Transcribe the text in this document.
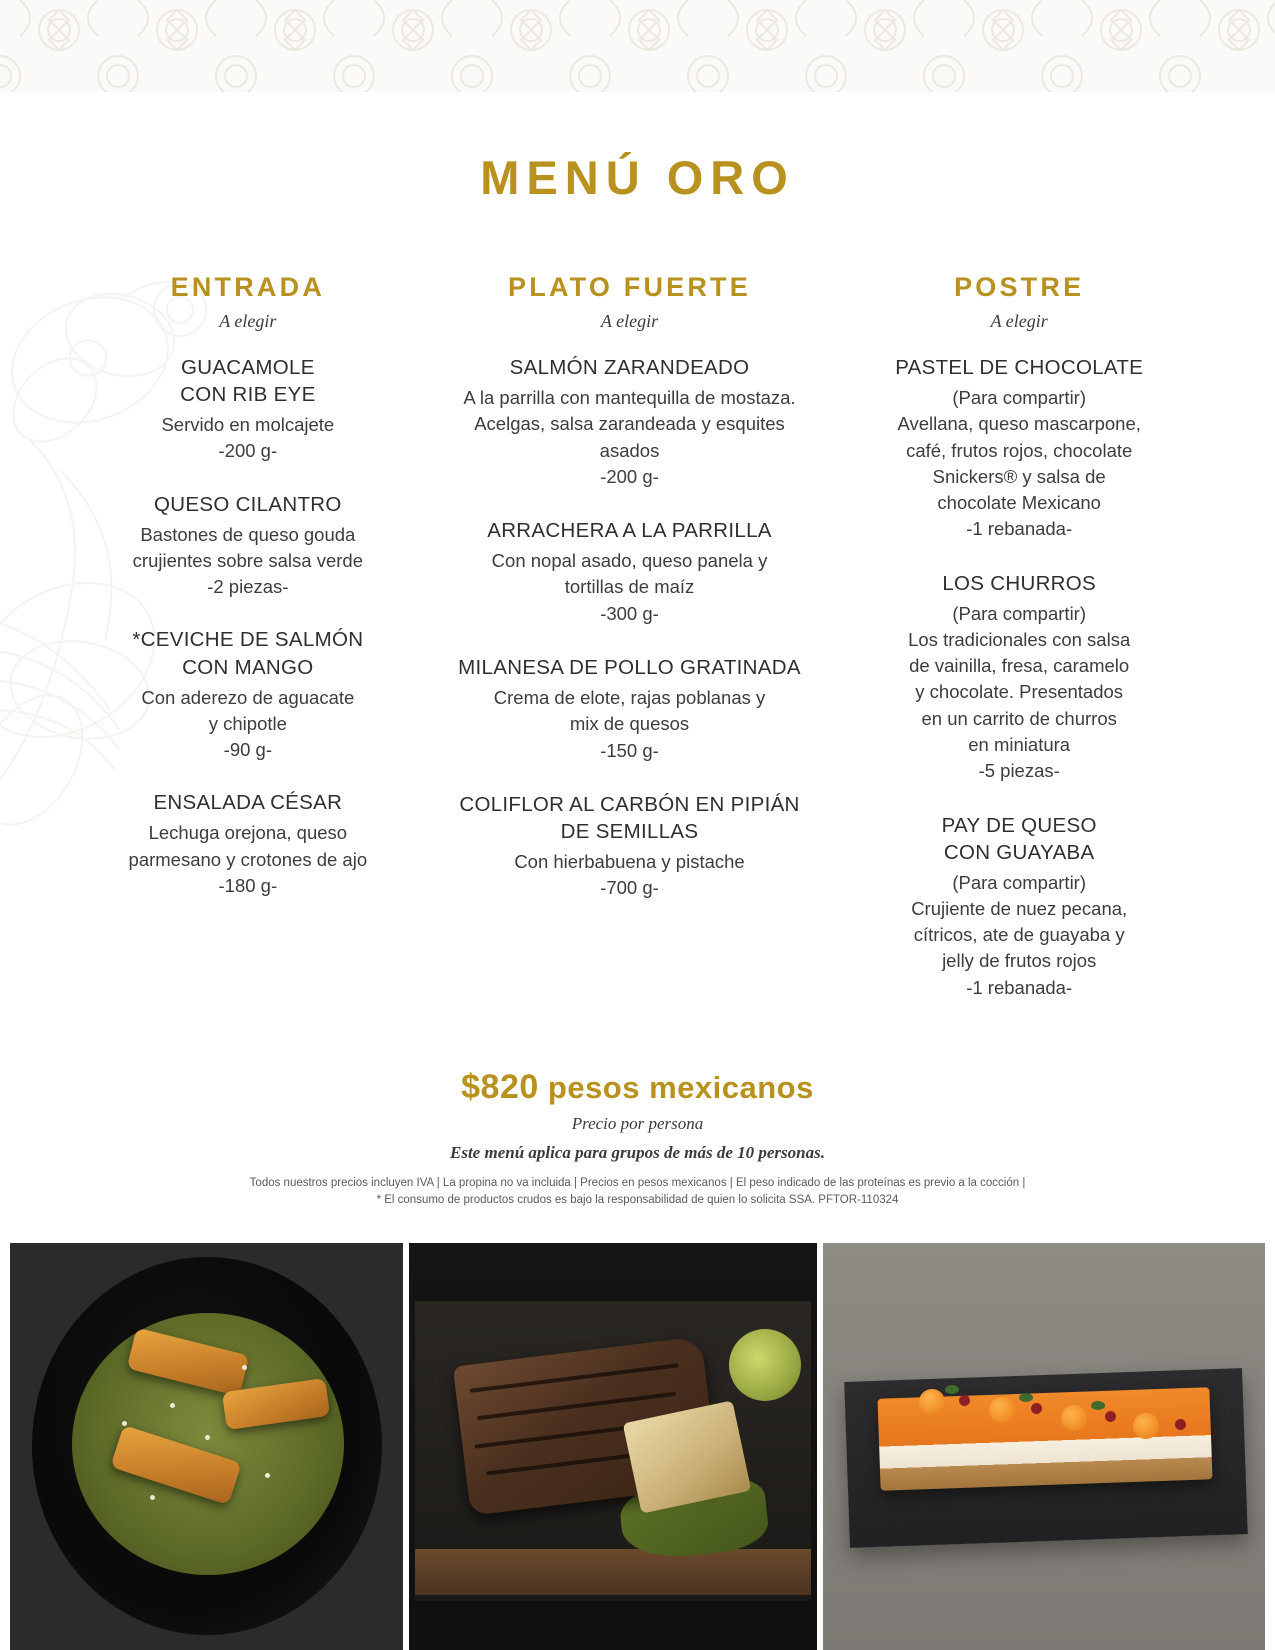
MENÚ ORO
ENTRADA
A elegir
GUACAMOLE
CON RIB EYE
Servido en molcajete
-200 g-
QUESO CILANTRO
Bastones de queso gouda
crujientes sobre salsa verde
-2 piezas-
*CEVICHE DE SALMÓN
CON MANGO
Con aderezo de aguacate
y chipotle
-90 g-
ENSALADA CÉSAR
Lechuga orejona, queso
parmesano y crotones de ajo
-180 g-
PLATO FUERTE
A elegir
SALMÓN ZARANDEADO
A la parrilla con mantequilla de mostaza.
Acelgas, salsa zarandeada y esquites asados
-200 g-
ARRACHERA A LA PARRILLA
Con nopal asado, queso panela y
tortillas de maíz
-300 g-
MILANESA DE POLLO GRATINADA
Crema de elote, rajas poblanas y
mix de quesos
-150 g-
COLIFLOR AL CARBÓN EN PIPIÁN
DE SEMILLAS
Con hierbabuena y pistache
-700 g-
POSTRE
A elegir
PASTEL DE CHOCOLATE
(Para compartir)
Avellana, queso mascarpone,
café, frutos rojos, chocolate
Snickers® y salsa de
chocolate Mexicano
-1 rebanada-
LOS CHURROS
(Para compartir)
Los tradicionales con salsa
de vainilla, fresa, caramelo
y chocolate. Presentados
en un carrito de churros
en miniatura
-5 piezas-
PAY DE QUESO
CON GUAYABA
(Para compartir)
Crujiente de nuez pecana,
cítricos, ate de guayaba y
jelly de frutos rojos
-1 rebanada-
$820 pesos mexicanos
Precio por persona
Este menú aplica para grupos de más de 10 personas.
Todos nuestros precios incluyen IVA | La propina no va incluida | Precios en pesos mexicanos | El peso indicado de las proteínas es previo a la cocción |
* El consumo de productos crudos es bajo la responsabilidad de quien lo solicita SSA. PFTOR-110324
